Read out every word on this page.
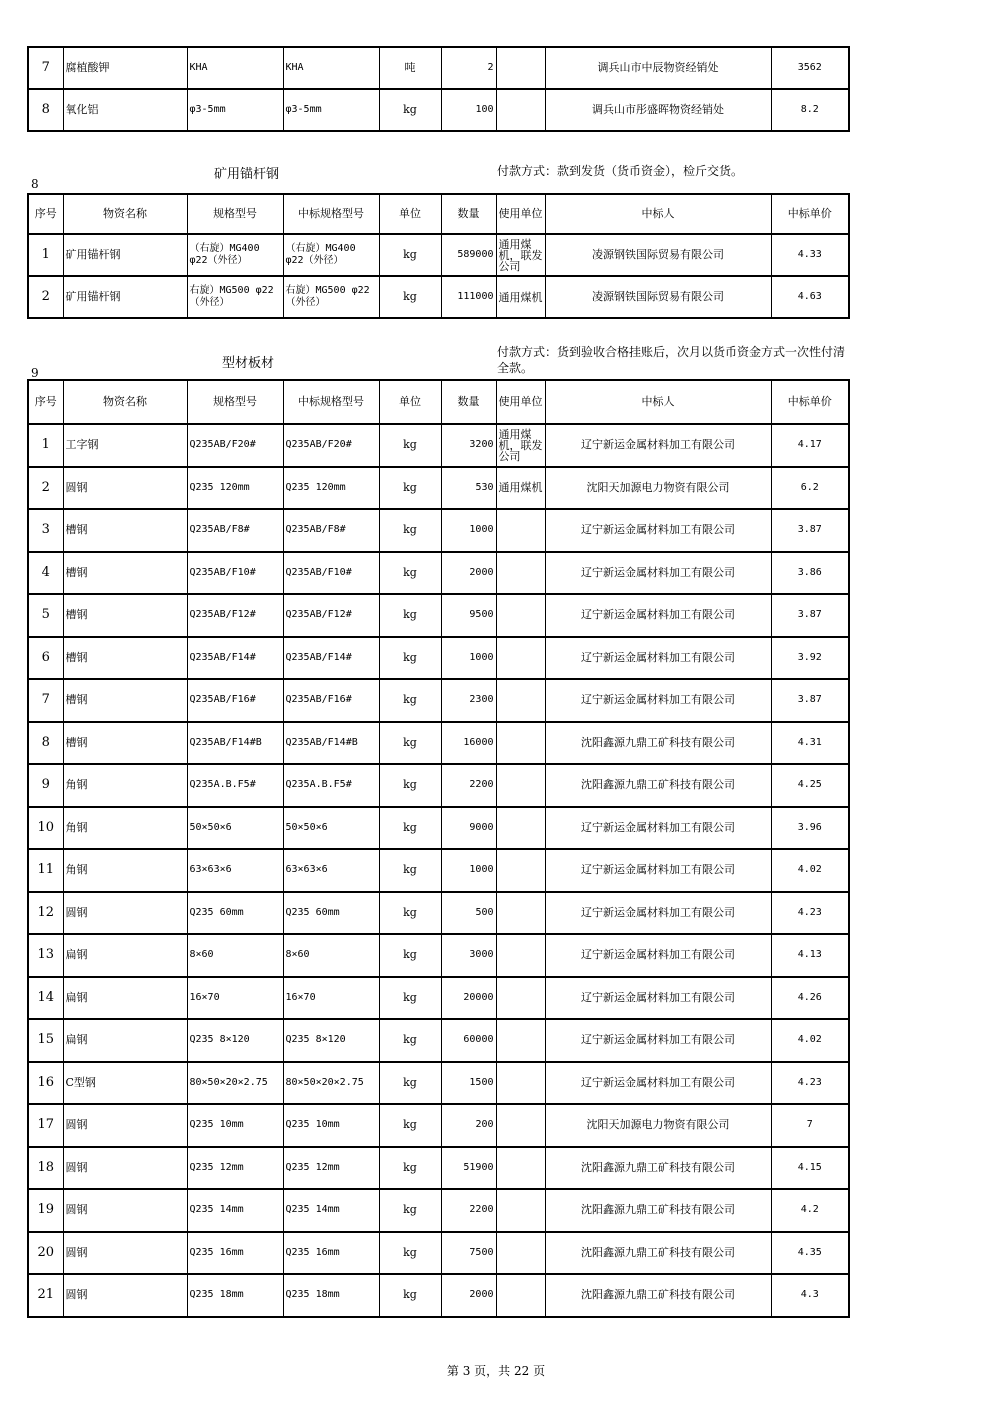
7	腐植酸钾	KHA	KHA	吨	2		调兵山市中辰物资经销处	3562
8	氧化铝	φ3-5mm	φ3-5mm	kg	100		调兵山市彤盛晖物资经销处	8.2
8
矿用锚杆钢	付款方式：款到发货（货币资金），检斤交货。
序号	物资名称	规格型号	中标规格型号	单位	数量	使用单位	中标人	中标单价
1	矿用锚杆钢	（右旋）MG400 φ22（外径）	（右旋）MG400 φ22（外径）	kg	589000	通用煤机，联发公司	凌源钢铁国际贸易有限公司	4.33
2	矿用锚杆钢	右旋）MG500 φ22（外径）	右旋）MG500 φ22（外径）	kg	111000	通用煤机	凌源钢铁国际贸易有限公司	4.63
9
型材板材
付款方式：货到验收合格挂账后，次月以货币资金方式一次性付清全款。
序号	物资名称	规格型号	中标规格型号	单位	数量	使用单位	中标人	中标单价
1	工字钢	Q235AB/F20#	Q235AB/F20#	kg	3200	通用煤机，联发公司	辽宁新运金属材料加工有限公司	4.17
2	圆钢	Q235 120mm	Q235 120mm	kg	530	通用煤机	沈阳天加源电力物资有限公司	6.2
3	槽钢	Q235AB/F8#	Q235AB/F8#	kg	1000		辽宁新运金属材料加工有限公司	3.87
4	槽钢	Q235AB/F10#	Q235AB/F10#	kg	2000		辽宁新运金属材料加工有限公司	3.86
5	槽钢	Q235AB/F12#	Q235AB/F12#	kg	9500		辽宁新运金属材料加工有限公司	3.87
6	槽钢	Q235AB/F14#	Q235AB/F14#	kg	1000		辽宁新运金属材料加工有限公司	3.92
7	槽钢	Q235AB/F16#	Q235AB/F16#	kg	2300		辽宁新运金属材料加工有限公司	3.87
8	槽钢	Q235AB/F14#B	Q235AB/F14#B	kg	16000		沈阳鑫源九鼎工矿科技有限公司	4.31
9	角钢	Q235A.B.F5#	Q235A.B.F5#	kg	2200		沈阳鑫源九鼎工矿科技有限公司	4.25
10	角钢	50×50×6	50×50×6	kg	9000		辽宁新运金属材料加工有限公司	3.96
11	角钢	63×63×6	63×63×6	kg	1000		辽宁新运金属材料加工有限公司	4.02
12	圆钢	Q235 60mm	Q235 60mm	kg	500		辽宁新运金属材料加工有限公司	4.23
13	扁钢	8×60	8×60	kg	3000		辽宁新运金属材料加工有限公司	4.13
14	扁钢	16×70	16×70	kg	20000		辽宁新运金属材料加工有限公司	4.26
15	扁钢	Q235 8×120	Q235 8×120	kg	60000		辽宁新运金属材料加工有限公司	4.02
16	C型钢	80×50×20×2.75	80×50×20×2.75	kg	1500		辽宁新运金属材料加工有限公司	4.23
17	圆钢	Q235 10mm	Q235 10mm	kg	200		沈阳天加源电力物资有限公司	7
18	圆钢	Q235 12mm	Q235 12mm	kg	51900		沈阳鑫源九鼎工矿科技有限公司	4.15
19	圆钢	Q235 14mm	Q235 14mm	kg	2200		沈阳鑫源九鼎工矿科技有限公司	4.2
20	圆钢	Q235 16mm	Q235 16mm	kg	7500		沈阳鑫源九鼎工矿科技有限公司	4.35
21	圆钢	Q235 18mm	Q235 18mm	kg	2000		沈阳鑫源九鼎工矿科技有限公司	4.3
第 3 页，共 22 页
